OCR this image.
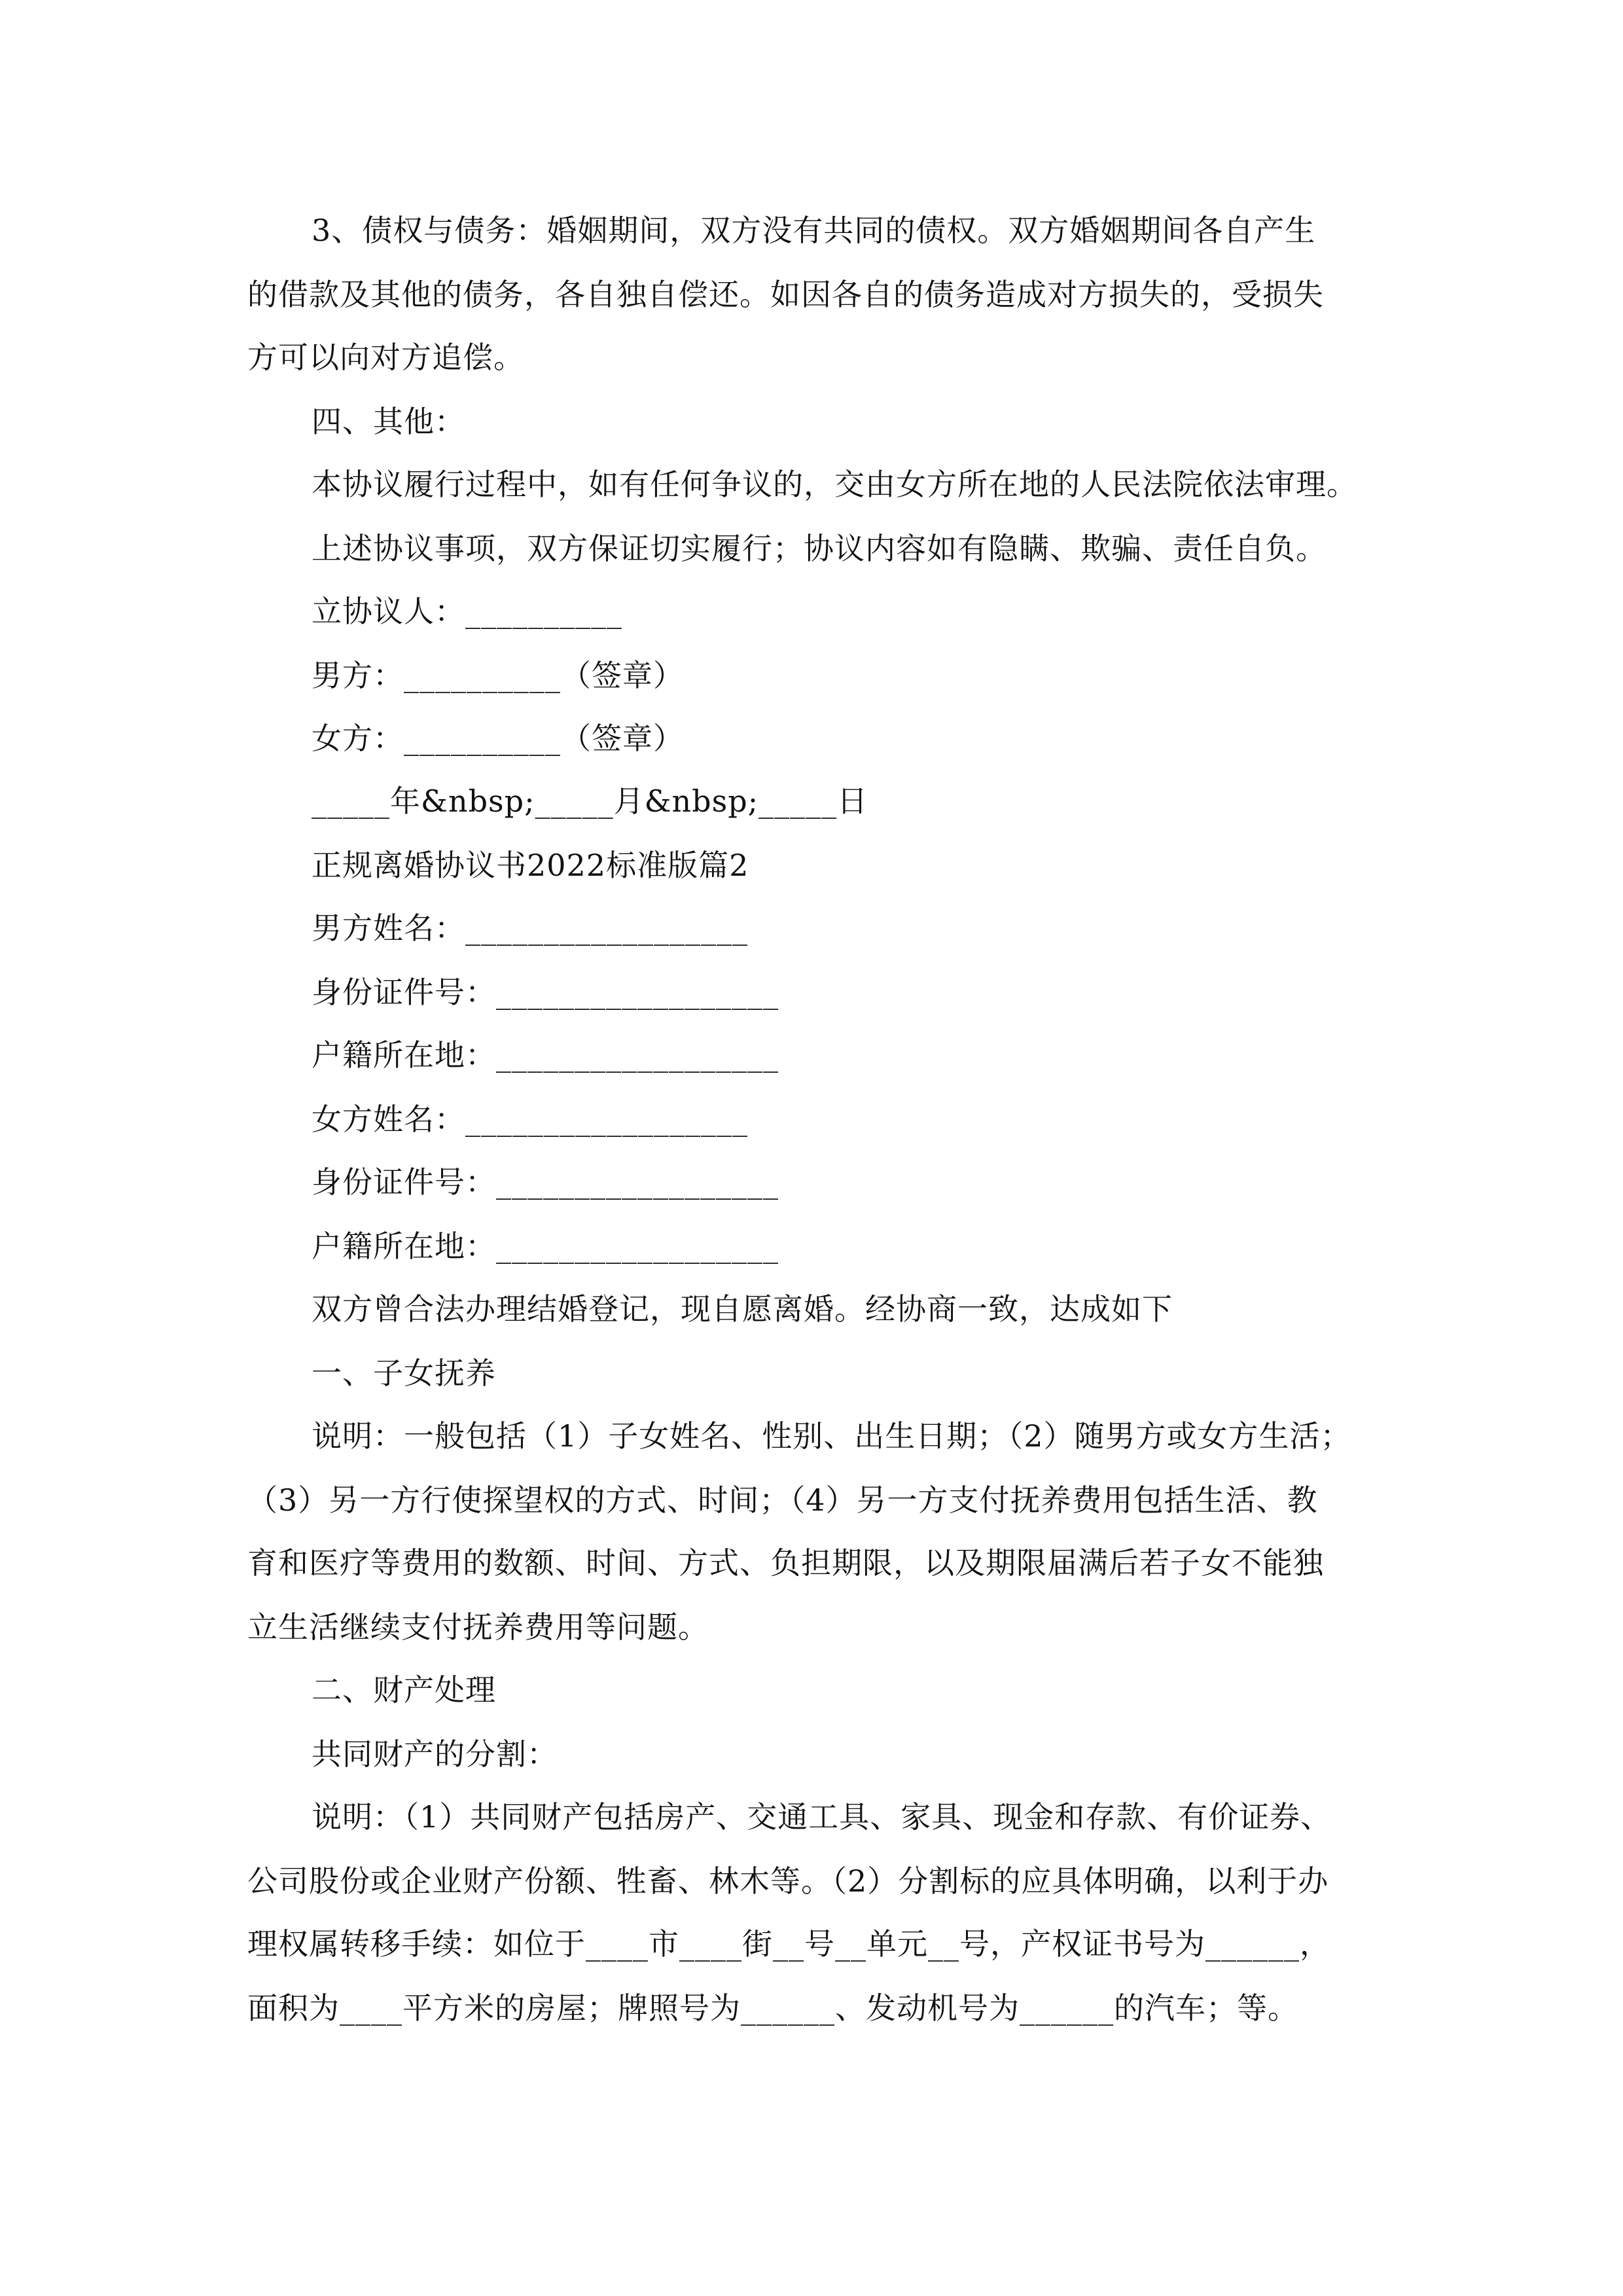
3、债权与债务：婚姻期间，双方没有共同的债权。双方婚姻期间各自产生
的借款及其他的债务，各自独自偿还。如因各自的债务造成对方损失的，受损失
方可以向对方追偿。
四、其他：
本协议履行过程中，如有任何争议的，交由女方所在地的人民法院依法审理。
上述协议事项，双方保证切实履行；协议内容如有隐瞒、欺骗、责任自负。
立协议人：__________
男方：__________（签章）
女方：__________（签章）
_____年&nbsp;_____月&nbsp;_____日
正规离婚协议书2022标准版篇2
男方姓名：__________________
身份证件号：__________________
户籍所在地：__________________
女方姓名：__________________
身份证件号：__________________
户籍所在地：__________________
双方曾合法办理结婚登记，现自愿离婚。经协商一致，达成如下
一、子女抚养
说明：一般包括（1）子女姓名、性别、出生日期；（2）随男方或女方生活；
（3）另一方行使探望权的方式、时间；（4）另一方支付抚养费用包括生活、教
育和医疗等费用的数额、时间、方式、负担期限，以及期限届满后若子女不能独
立生活继续支付抚养费用等问题。
二、财产处理
共同财产的分割：
说明：（1）共同财产包括房产、交通工具、家具、现金和存款、有价证券、
公司股份或企业财产份额、牲畜、林木等。（2）分割标的应具体明确，以利于办
理权属转移手续：如位于____市____街__号__单元__号，产权证书号为______，
面积为____平方米的房屋；牌照号为______、发动机号为______的汽车；等。
